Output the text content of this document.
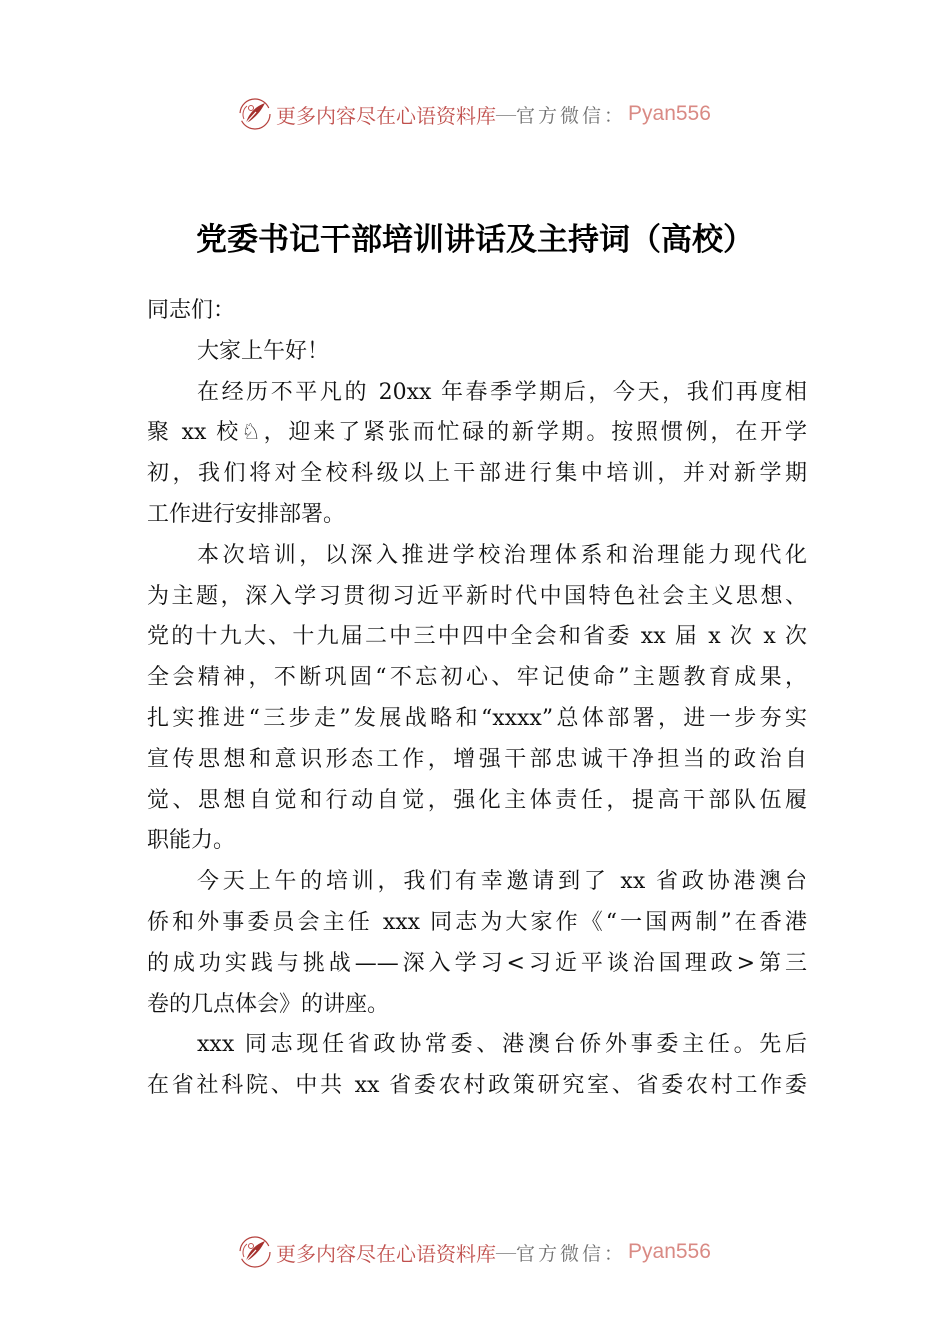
更多内容尽在心语资料库 — 官方微信： Pyan556
党委书记干部培训讲话及主持词（高校）
同志们：
大家上午好！
在经历不平凡的 20xx 年春季学期后，今天，我们再度相
聚 xx 校♘，迎来了紧张而忙碌的新学期。按照惯例，在开学
初，我们将对全校科级以上干部进行集中培训，并对新学期
工作进行安排部署。
本次培训，以深入推进学校治理体系和治理能力现代化
为主题，深入学习贯彻习近平新时代中国特色社会主义思想、
党的十九大、十九届二中三中四中全会和省委 xx 届 x 次 x 次
全会精神，不断巩固“不忘初心、牢记使命”主题教育成果，
扎实推进“三步走”发展战略和“xxxx”总体部署，进一步夯实
宣传思想和意识形态工作，增强干部忠诚干净担当的政治自
觉、思想自觉和行动自觉，强化主体责任，提高干部队伍履
职能力。
今天上午的培训，我们有幸邀请到了 xx 省政协港澳台
侨和外事委员会主任 xxx 同志为大家作《“一国两制”在香港
的成功实践与挑战——深入学习<习近平谈治国理政>第三
卷的几点体会》的讲座。
xxx 同志现任省政协常委、港澳台侨外事委主任。先后
在省社科院、中共 xx 省委农村政策研究室、省委农村工作委
更多内容尽在心语资料库 — 官方微信： Pyan556
